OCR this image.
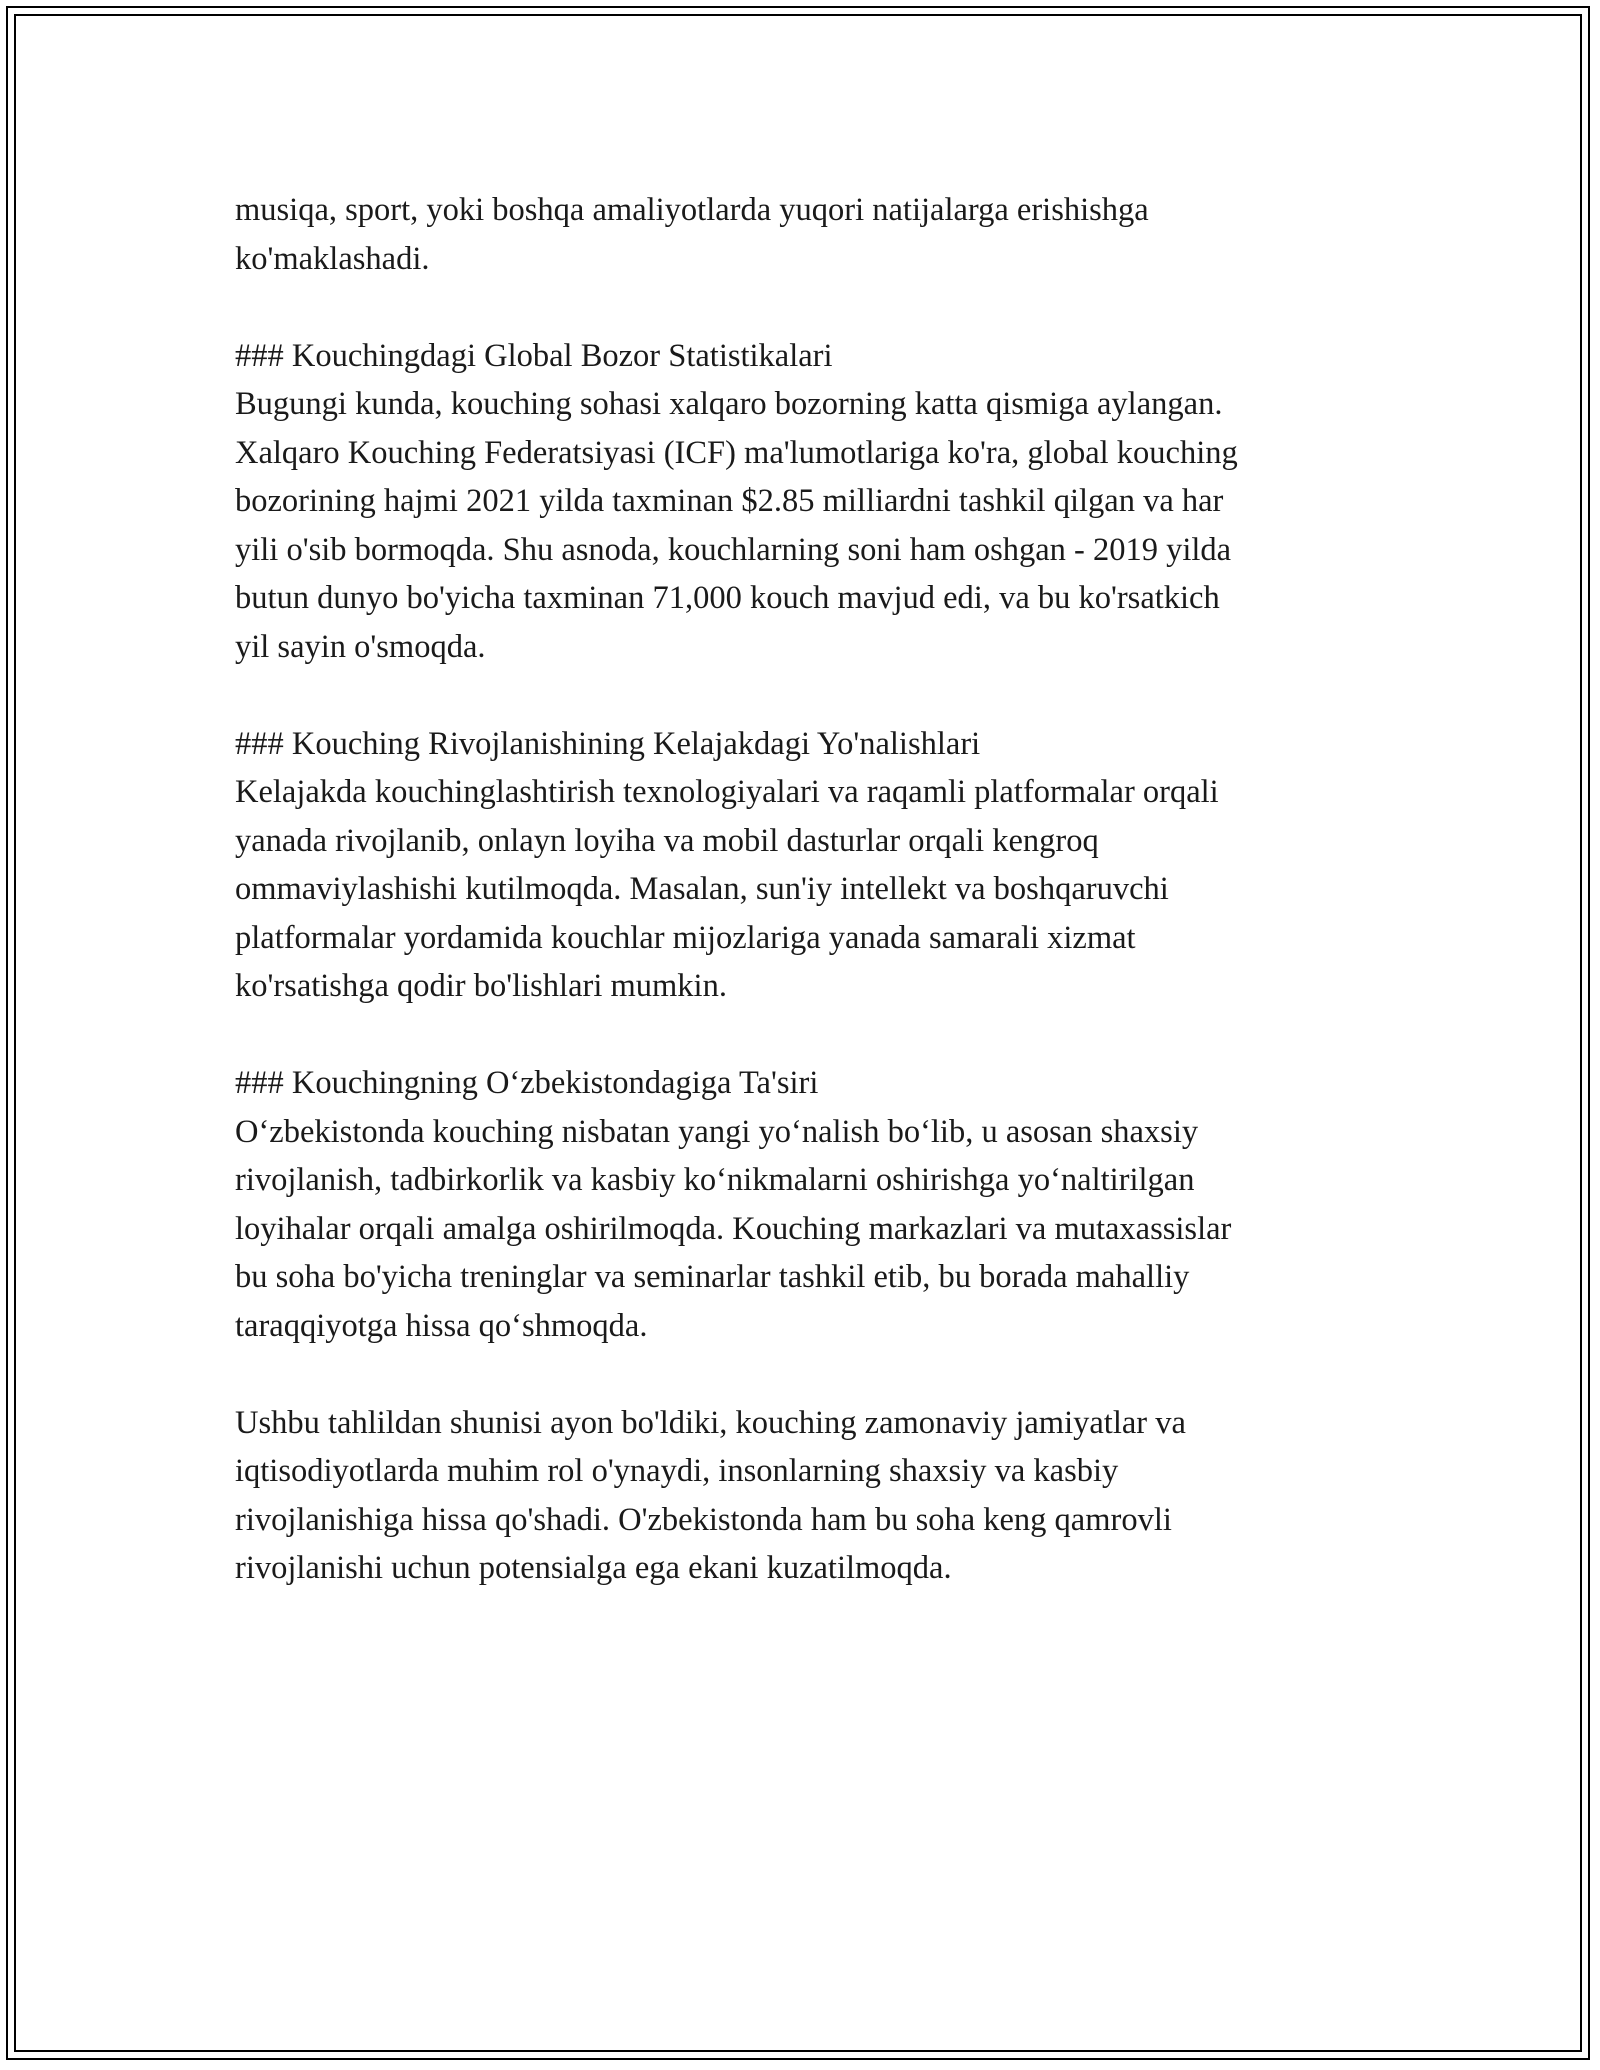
musiqa, sport, yoki boshqa amaliyotlarda yuqori natijalarga erishishga
ko'maklashadi.

### Kouchingdagi Global Bozor Statistikalari
Bugungi kunda, kouching sohasi xalqaro bozorning katta qismiga aylangan.
Xalqaro Kouching Federatsiyasi (ICF) ma'lumotlariga ko'ra, global kouching
bozorining hajmi 2021 yilda taxminan $2.85 milliardni tashkil qilgan va har
yili o'sib bormoqda. Shu asnoda, kouchlarning soni ham oshgan - 2019 yilda
butun dunyo bo'yicha taxminan 71,000 kouch mavjud edi, va bu ko'rsatkich
yil sayin o'smoqda.
### Kouching Rivojlanishining Kelajakdagi Yo'nalishlari
Kelajakda kouchinglashtirish texnologiyalari va raqamli platformalar orqali
yanada rivojlanib, onlayn loyiha va mobil dasturlar orqali kengroq
ommaviylashishi kutilmoqda. Masalan, sun'iy intellekt va boshqaruvchi
platformalar yordamida kouchlar mijozlariga yanada samarali xizmat
ko'rsatishga qodir bo'lishlari mumkin.
### Kouchingning Oʻzbekistondagiga Ta'siri
Oʻzbekistonda kouching nisbatan yangi yoʻnalish boʻlib, u asosan shaxsiy
rivojlanish, tadbirkorlik va kasbiy koʻnikmalarni oshirishga yoʻnaltirilgan
loyihalar orqali amalga oshirilmoqda. Kouching markazlari va mutaxassislar
bu soha bo'yicha treninglar va seminarlar tashkil etib, bu borada mahalliy
taraqqiyotga hissa qoʻshmoqda.

Ushbu tahlildan shunisi ayon bo'ldiki, kouching zamonaviy jamiyatlar va
iqtisodiyotlarda muhim rol o'ynaydi, insonlarning shaxsiy va kasbiy
rivojlanishiga hissa qo'shadi. O'zbekistonda ham bu soha keng qamrovli
rivojlanishi uchun potensialga ega ekani kuzatilmoqda.
